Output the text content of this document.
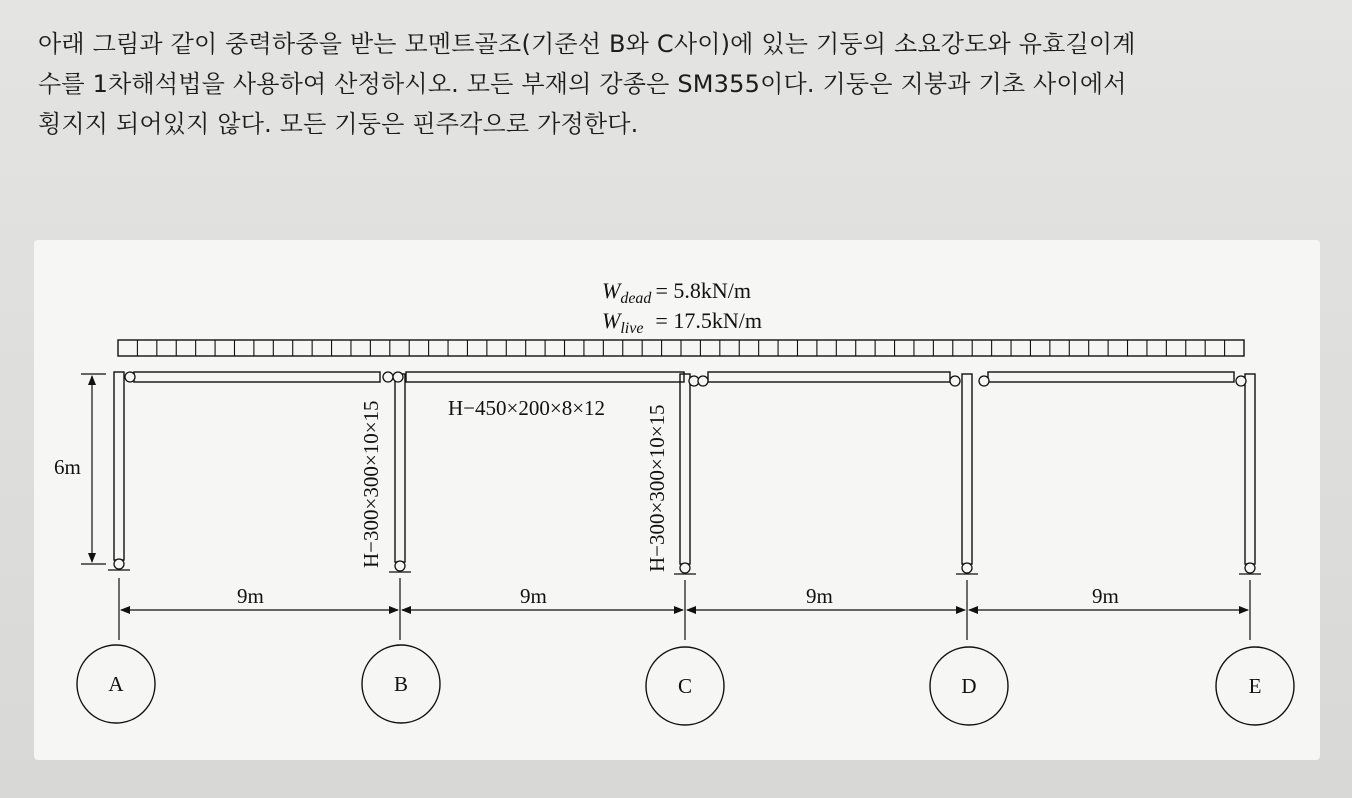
아래 그림과 같이 중력하중을 받는 모멘트골조(기준선 B와 C사이)에 있는 기둥의 소요강도와 유효길이계

수를 1차해석법을 사용하여 산정하시오. 모든 부재의 강종은 SM355이다. 기둥은 지붕과 기초 사이에서

횡지지 되어있지 않다. 모든 기둥은 핀주각으로 가정한다.

$W_{dead} = 5.8kN/m$
$W_{live} = 17.5kN/m$
H−450×200×8×12
H−300×300×10×15	H−300×300×10×15
6m
9m	9m	9m	9m
A	B	C	D	E
